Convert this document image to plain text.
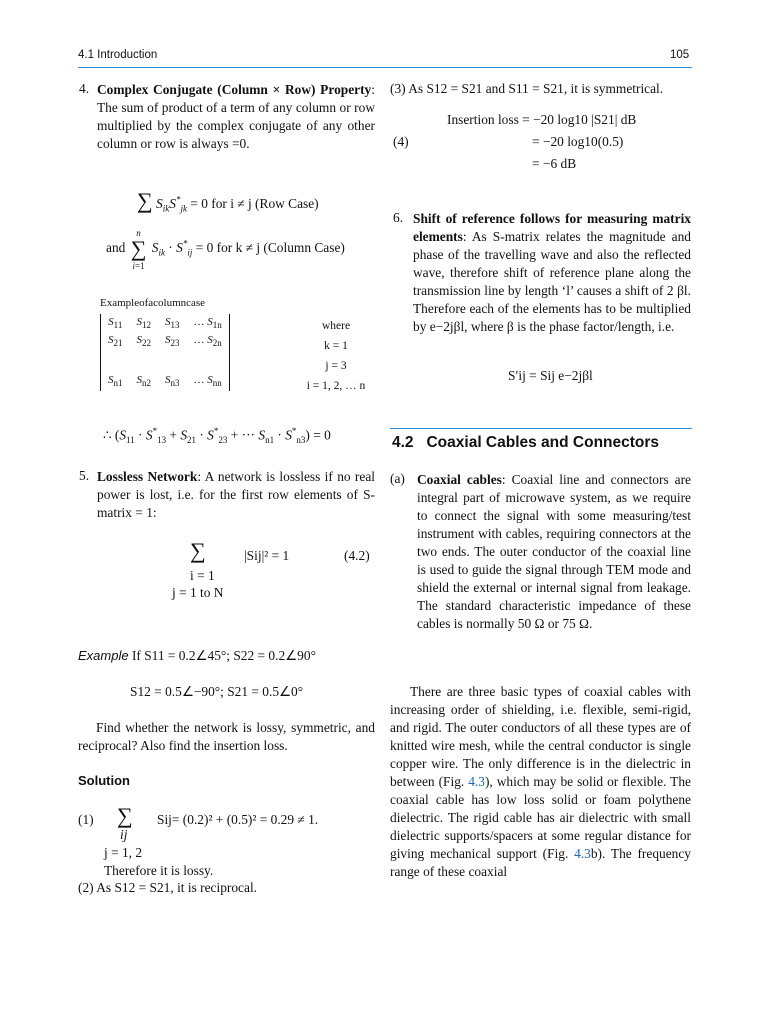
4.1 Introduction	105
4. Complex Conjugate (Column × Row) Property: The sum of product of a term of any column or row multiplied by the complex conjugate of any other column or row is always =0.
∑ $S_{ik}S^*_{jk} = 0$ for i ≠ j (Row Case)
and n
∑
i=1 $S_{ik} \cdot S^*_{ij} = 0$ for k ≠ j (Column Case)
Exampleofacolumncase
$S_{11}$	$S_{12}$	$S_{13}$	… $S_{1n}$
$S_{21}$	$S_{22}$	$S_{23}$	… $S_{2n}$

$S_{n1}$	$S_{n2}$	$S_{n3}$	… $S_{nn}$
where
k = 1
j = 3
i = 1, 2, … n
∴ ($S_{11} \cdot S^*_{13} + S_{21} \cdot S^*_{23}$ + ··· $S_{n1} \cdot S^*_{n3}) = 0$
5. Lossless Network: A network is lossless if no real power is lost, i.e. for the first row elements of S-matrix = 1:
∑	|Sij|² = 1	(4.2)
i = 1
j = 1 to N
Example If S11 = 0.2∠45°; S22 = 0.2∠90°
S12 = 0.5∠−90°; S21 = 0.5∠0°
Find whether the network is lossy, symmetric, and reciprocal? Also find the insertion loss.
Solution
(1) ∑ Sij= (0.2)² + (0.5)² = 0.29 ≠ 1.
ij
j = 1, 2
Therefore it is lossy.
(2) As S12 = S21, it is reciprocal.
(3) As S12 = S21 and S11 = S21, it is symmetrical.
Insertion loss = −20 log10 |S21| dB
(4)	= −20 log10(0.5)
= −6 dB
6. Shift of reference follows for measuring matrix elements: As S-matrix relates the magnitude and phase of the travelling wave and also the reflected wave, therefore shift of reference plane along the transmission line by length ‘l’ causes a shift of 2 βl. Therefore each of the elements has to be multiplied by e−2jβl, where β is the phase factor/length, i.e.
S′ij = Sij e−2jβl
4.2 Coaxial Cables and Connectors
(a) Coaxial cables: Coaxial line and connectors are integral part of microwave system, as we require to connect the signal with some measuring/test instrument with cables, requiring connectors at the two ends. The outer conductor of the coaxial line is used to guide the signal through TEM mode and shield the external or internal signal from leakage. The standard characteristic impedance of these cables is normally 50 Ω or 75 Ω.
There are three basic types of coaxial cables with increasing order of shielding, i.e. flexible, semi-rigid, and rigid. The outer conductors of all these types are of knitted wire mesh, while the central conductor is single copper wire. The only difference is in the dielectric in between (Fig. 4.3), which may be solid or flexible. The coaxial cable has low loss solid or foam polythene dielectric. The rigid cable has air dielectric with small dielectric supports/spacers at some regular distance for giving mechanical support (Fig. 4.3b). The frequency range of these coaxial
